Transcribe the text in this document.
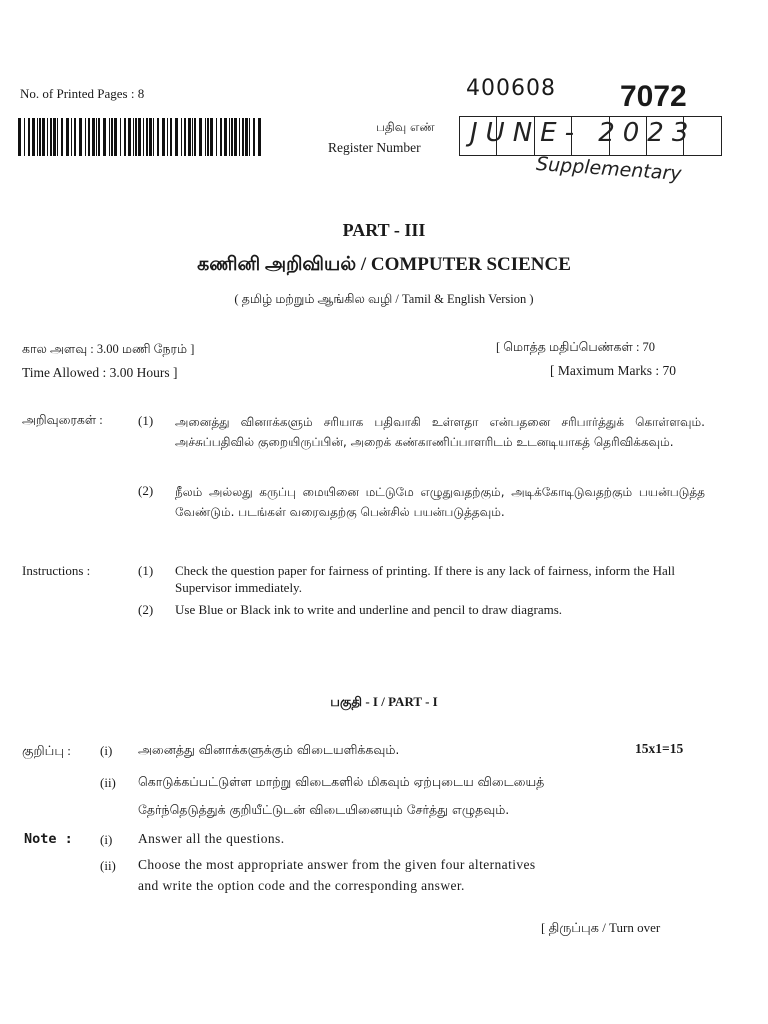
No. of Printed Pages : 8	400608 7072
பதிவு எண்
Register Number JUNE- 2023
Supplementary
PART - III
கணினி அறிவியல் / COMPUTER SCIENCE
( தமிழ் மற்றும் ஆங்கில வழி / Tamil & English Version )
கால அளவு : 3.00 மணி நேரம் ]	[ மொத்த மதிப்பெண்கள் : 70
Time Allowed : 3.00 Hours ]	[ Maximum Marks : 70
அறிவுரைகள் :	(1) அனைத்து வினாக்களும் சரியாக பதிவாகி உள்ளதா என்பதனை சரிபார்த்துக் கொள்ளவும். அச்சுப்பதிவில் குறையிருப்பின், அறைக் கண்காணிப்பாளரிடம் உடனடியாகத் தெரிவிக்கவும்.
(2) நீலம் அல்லது கருப்பு மையினை மட்டுமே எழுதுவதற்கும், அடிக்கோடிடுவதற்கும் பயன்படுத்த வேண்டும். படங்கள் வரைவதற்கு பென்சில் பயன்படுத்தவும்.
Instructions :	(1) Check the question paper for fairness of printing. If there is any lack of fairness, inform the Hall Supervisor immediately.
(2) Use Blue or Black ink to write and underline and pencil to draw diagrams.
பகுதி - I / PART - I
குறிப்பு : (i) அனைத்து வினாக்களுக்கும் விடையளிக்கவும்.	15x1=15
(ii) கொடுக்கப்பட்டுள்ள மாற்று விடைகளில் மிகவும் ஏற்புடைய விடையைத்
தேர்ந்தெடுத்துக் குறியீட்டுடன் விடையினையும் சேர்த்து எழுதவும்.
Note : (i) Answer all the questions.
(ii) Choose the most appropriate answer from the given four alternatives
and write the option code and the corresponding answer.
[ திருப்புக / Turn over
